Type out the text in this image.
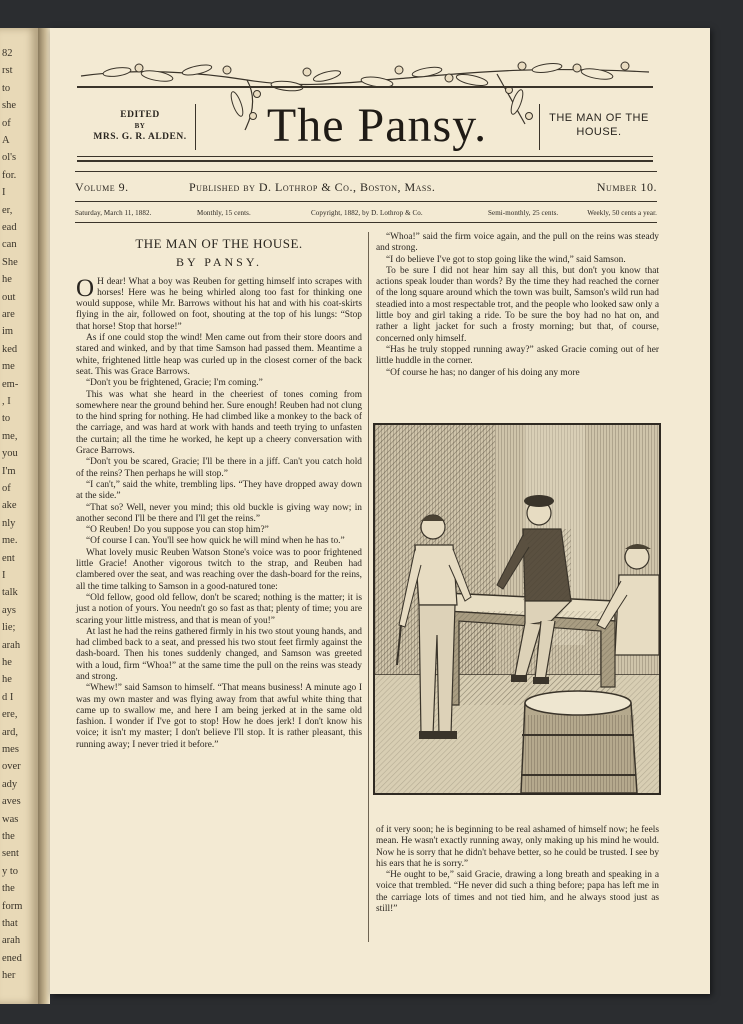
82
rst
to
she
of
A
ol's
for.
I
er,
ead
can
She
he
out
are
im
ked
me
em-
, I
to
me,
you
I'm
of
ake
nly
me.
ent
I
talk
ays
lie;
arah
he
he
d I
ere,
ard,
mes
over
ady
aves
was
the
sent
y to
the
form
that
arah
ened
her
EDITED
BY
MRS. G. R. ALDEN.	The Pansy.	THE MAN OF THE HOUSE.
Volume 9.	Published by D. Lothrop & Co., Boston, Mass.	Number 10.
Saturday, March 11, 1882.	Monthly, 15 cents.	Copyright, 1882, by D. Lothrop & Co.	Semi-monthly, 25 cents.	Weekly, 50 cents a year.
THE MAN OF THE HOUSE.
BY PANSY.

O H dear! What a boy was Reuben for getting himself into scrapes with horses! Here was he being whirled along too fast for thinking one would suppose, while Mr. Barrows without his hat and with his coat-skirts flying in the air, followed on foot, shouting at the top of his lungs: “Stop that horse! Stop that horse!”

As if one could stop the wind! Men came out from their store doors and stared and winked, and by that time Samson had passed them. Meantime a white, frightened little heap was curled up in the closest corner of the back seat. This was Grace Barrows.

“Don't you be frightened, Gracie; I'm coming.”

This was what she heard in the cheeriest of tones coming from somewhere near the ground behind her. Sure enough! Reuben had not clung to the hind spring for nothing. He had climbed like a monkey to the back of the carriage, and was hard at work with hands and teeth trying to unfasten the curtain; all the time he worked, he kept up a cheery conversation with Grace Barrows.

“Don't you be scared, Gracie; I'll be there in a jiff. Can't you catch hold of the reins? Then perhaps he will stop.”

“I can't,” said the white, trembling lips. “They have dropped away down at the side.”

“That so? Well, never you mind; this old buckle is giving way now; in another second I'll be there and I'll get the reins.”

“O Reuben! Do you suppose you can stop him?”

“Of course I can. You'll see how quick he will mind when he has to.”

What lovely music Reuben Watson Stone's voice was to poor frightened little Gracie! Another vigorous twitch to the strap, and Reuben had clambered over the seat, and was reaching over the dash-board for the reins, all the time talking to Samson in a good-natured tone:

“Old fellow, good old fellow, don't be scared; nothing is the matter; it is just a notion of yours. You needn't go so fast as that; plenty of time; you are scaring your little mistress, and that is mean of you!”

At last he had the reins gathered firmly in his two stout young hands, and had climbed back to a seat, and pressed his two stout feet firmly against the dash-board. Then his tones suddenly changed, and Samson was greeted with a loud, firm “Whoa!” at the same time the pull on the reins was steady and strong.

“Whew!” said Samson to himself. “That means business! A minute ago I was my own master and was flying away from that awful white thing that came up to swallow me, and here I am being jerked at in the same old fashion. I wonder if I've got to stop! How he does jerk! I don't know his voice; it isn't my master; I don't believe I'll stop. It is rather pleasant, this running away; I never tried it before.”

“Whoa!” said the firm voice again, and the pull on the reins was steady and strong.

“I do believe I've got to stop going like the wind,” said Samson.

To be sure I did not hear him say all this, but don't you know that actions speak louder than words? By the time they had reached the corner of the long square around which the town was built, Samson's wild run had steadied into a most respectable trot, and the people who looked saw only a little boy and girl taking a ride. To be sure the boy had no hat on, and rather a light jacket for such a frosty morning; but that, of course, concerned only himself.

“Has he truly stopped running away?” asked Gracie coming out of her little huddle in the corner.

“Of course he has; no danger of his doing any more

of it very soon; he is beginning to be real ashamed of himself now; he feels mean. He wasn't exactly running away, only making up his mind he would. Now he is sorry that he didn't behave better, so he could be trusted. I see by his ears that he is sorry.”

“He ought to be,” said Gracie, drawing a long breath and speaking in a voice that trembled. “He never did such a thing before; papa has left me in the carriage lots of times and not tied him, and he always stood just as still!”
